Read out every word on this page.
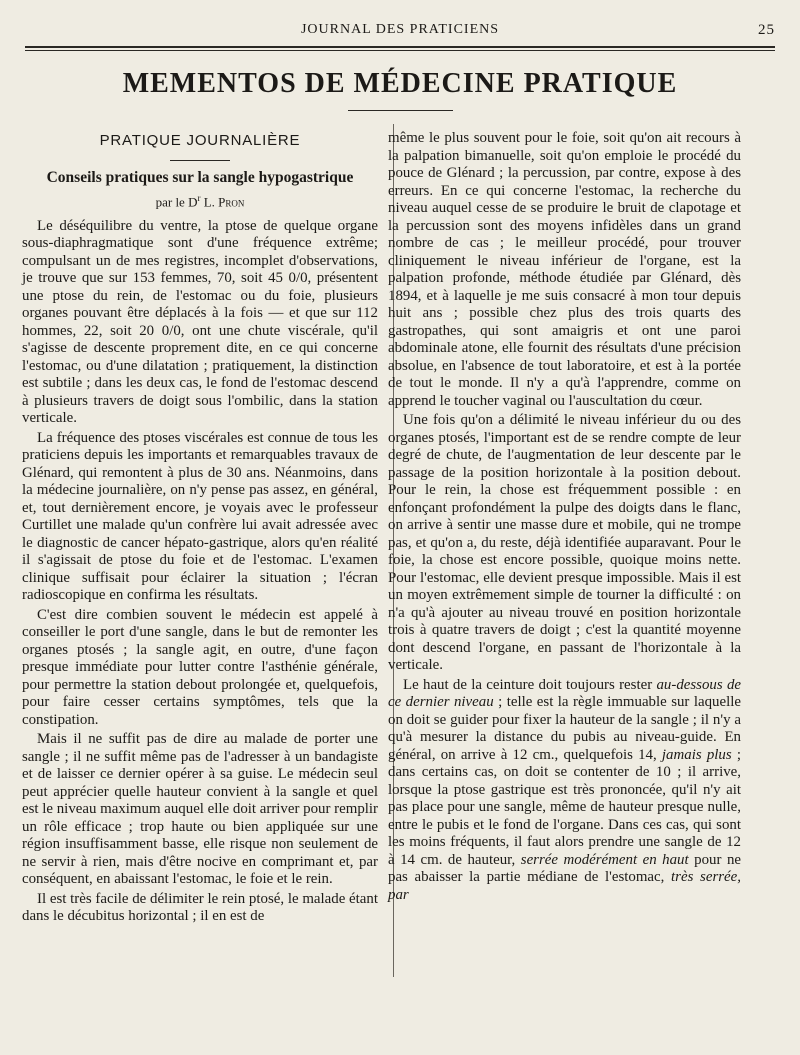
JOURNAL DES PRATICIENS	25
MEMENTOS DE MÉDECINE PRATIQUE
PRATIQUE JOURNALIÈRE
Conseils pratiques sur la sangle hypogastrique
par le $D^r$ L. Pron

Le déséquilibre du ventre, la ptose de quelque organe sous-diaphragmatique sont d'une fréquence extrême; compulsant un de mes registres, incomplet d'observations, je trouve que sur 153 femmes, 70, soit 45 0/0, présentent une ptose du rein, de l'estomac ou du foie, plusieurs organes pouvant être déplacés à la fois — et que sur 112 hommes, 22, soit 20 0/0, ont une chute viscérale, qu'il s'agisse de descente proprement dite, en ce qui concerne l'estomac, ou d'une dilatation ; pratiquement, la distinction est subtile ; dans les deux cas, le fond de l'estomac descend à plusieurs travers de doigt sous l'ombilic, dans la station verticale.

La fréquence des ptoses viscérales est connue de tous les praticiens depuis les importants et remarquables travaux de Glénard, qui remontent à plus de 30 ans. Néanmoins, dans la médecine journalière, on n'y pense pas assez, en général, et, tout dernièrement encore, je voyais avec le professeur Curtillet une malade qu'un confrère lui avait adressée avec le diagnostic de cancer hépato-gastrique, alors qu'en réalité il s'agissait de ptose du foie et de l'estomac. L'examen clinique suffisait pour éclairer la situation ; l'écran radioscopique en confirma les résultats.

C'est dire combien souvent le médecin est appelé à conseiller le port d'une sangle, dans le but de remonter les organes ptosés ; la sangle agit, en outre, d'une façon presque immédiate pour lutter contre l'asthénie générale, pour permettre la station debout prolongée et, quelquefois, pour faire cesser certains symptômes, tels que la constipation.

Mais il ne suffit pas de dire au malade de porter une sangle ; il ne suffit même pas de l'adresser à un bandagiste et de laisser ce dernier opérer à sa guise. Le médecin seul peut apprécier quelle hauteur convient à la sangle et quel est le niveau maximum auquel elle doit arriver pour remplir un rôle efficace ; trop haute ou bien appliquée sur une région insuffisamment basse, elle risque non seulement de ne servir à rien, mais d'être nocive en comprimant et, par conséquent, en abaissant l'estomac, le foie et le rein.

Il est très facile de délimiter le rein ptosé, le malade étant dans le décubitus horizontal ; il en est de

même le plus souvent pour le foie, soit qu'on ait recours à la palpation bimanuelle, soit qu'on emploie le procédé du pouce de Glénard ; la percussion, par contre, expose à des erreurs. En ce qui concerne l'estomac, la recherche du niveau auquel cesse de se produire le bruit de clapotage et la percussion sont des moyens infidèles dans un grand nombre de cas ; le meilleur procédé, pour trouver cliniquement le niveau inférieur de l'organe, est la palpation profonde, méthode étudiée par Glénard, dès 1894, et à laquelle je me suis consacré à mon tour depuis huit ans ; possible chez plus des trois quarts des gastropathes, qui sont amaigris et ont une paroi abdominale atone, elle fournit des résultats d'une précision absolue, en l'absence de tout laboratoire, et est à la portée de tout le monde. Il n'y a qu'à l'apprendre, comme on apprend le toucher vaginal ou l'auscultation du cœur.

Une fois qu'on a délimité le niveau inférieur du ou des organes ptosés, l'important est de se rendre compte de leur degré de chute, de l'augmentation de leur descente par le passage de la position horizontale à la position debout. Pour le rein, la chose est fréquemment possible : en enfonçant profondément la pulpe des doigts dans le flanc, on arrive à sentir une masse dure et mobile, qui ne trompe pas, et qu'on a, du reste, déjà identifiée auparavant. Pour le foie, la chose est encore possible, quoique moins nette. Pour l'estomac, elle devient presque impossible. Mais il est un moyen extrêmement simple de tourner la difficulté : on n'a qu'à ajouter au niveau trouvé en position horizontale trois à quatre travers de doigt ; c'est la quantité moyenne dont descend l'organe, en passant de l'horizontale à la verticale.

Le haut de la ceinture doit toujours rester au-dessous de ce dernier niveau ; telle est la règle immuable sur laquelle on doit se guider pour fixer la hauteur de la sangle ; il n'y a qu'à mesurer la distance du pubis au niveau-guide. En général, on arrive à 12 cm., quelquefois 14, jamais plus ; dans certains cas, on doit se contenter de 10 ; il arrive, lorsque la ptose gastrique est très prononcée, qu'il n'y ait pas place pour une sangle, même de hauteur presque nulle, entre le pubis et le fond de l'organe. Dans ces cas, qui sont les moins fréquents, il faut alors prendre une sangle de 12 à 14 cm. de hauteur, serrée modérément en haut pour ne pas abaisser la partie médiane de l'estomac, très serrée, par
